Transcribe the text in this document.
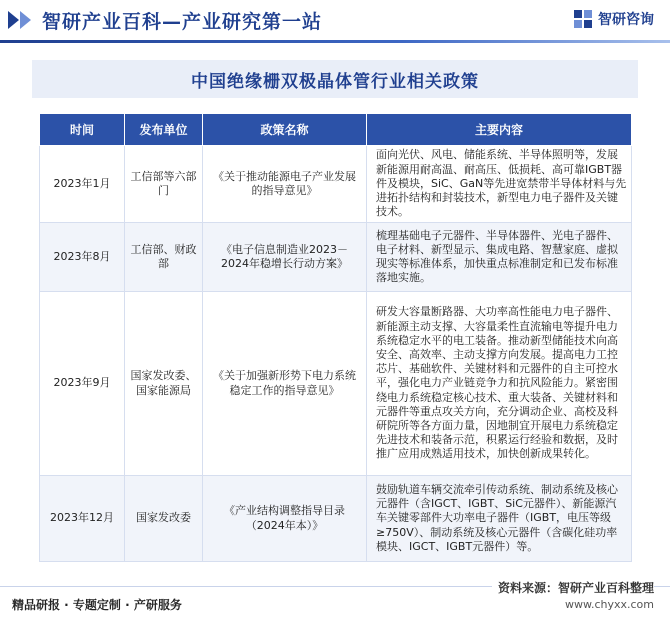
智研产业百科—产业研究第一站	智研咨询
中国绝缘栅双极晶体管行业相关政策
时间	发布单位	政策名称	主要内容
2023年1月	工信部等六部门	《关于推动能源电子产业发展的指导意见》	面向光伏、风电、储能系统、半导体照明等，发展新能源用耐高温、耐高压、低损耗、高可靠IGBT器件及模块，SiC、GaN等先进宽禁带半导体材料与先进拓扑结构和封装技术，新型电力电子器件及关键技术。
2023年8月	工信部、财政部	《电子信息制造业2023－2024年稳增长行动方案》	梳理基础电子元器件、半导体器件、光电子器件、电子材料、新型显示、集成电路、智慧家庭、虚拟现实等标准体系，加快重点标准制定和已发布标准落地实施。
2023年9月	国家发改委、国家能源局	《关于加强新形势下电力系统稳定工作的指导意见》	研发大容量断路器、大功率高性能电力电子器件、新能源主动支撑、大容量柔性直流输电等提升电力系统稳定水平的电工装备。推动新型储能技术向高安全、高效率、主动支撑方向发展。提高电力工控芯片、基础软件、关键材料和元器件的自主可控水平，强化电力产业链竞争力和抗风险能力。紧密围绕电力系统稳定核心技术、重大装备、关键材料和元器件等重点攻关方向，充分调动企业、高校及科研院所等各方面力量，因地制宜开展电力系统稳定先进技术和装备示范，积累运行经验和数据，及时推广应用成熟适用技术，加快创新成果转化。
2023年12月	国家发改委	《产业结构调整指导目录（2024年本）》	鼓励轨道车辆交流牵引传动系统、制动系统及核心元器件（含IGCT、IGBT、SiC元器件）、新能源汽车关键零部件大功率电子器件（IGBT，电压等级≥750V）、制动系统及核心元器件（含碳化硅功率模块、IGCT、IGBT元器件）等。
资料来源：智研产业百科整理
www.chyxx.com
精品研报 · 专题定制 · 产研服务
